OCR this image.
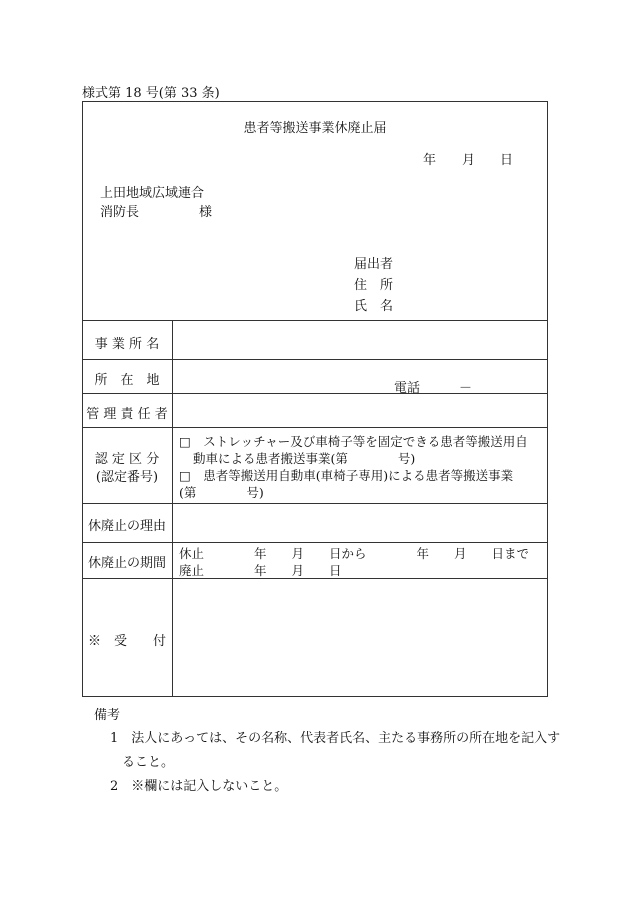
様式第 18 号(第 33 条)
患者等搬送事業休廃止届
年 月 日
上田地域広域連合
消防長	様
届出者
住　所
氏　名
事 業 所 名
所　在　地
電話　　　－
管 理 責 任 者
認 定 区 分
(認定番号)
□　ストレッチャー及び車椅子等を固定できる患者等搬送用自
動車による患者搬送事業(第　　　　号)
□　患者等搬送用自動車(車椅子専用)による患者等搬送事業
(第　　　　号)
休廃止の理由
休廃止の期間
休止　　　　年　　月　　日から　　　　年　　月　　日まで
廃止　　　　年　　月　　日
※　受　　付
備考
1　法人にあっては、その名称、代表者氏名、主たる事務所の所在地を記入す
ること。
2　※欄には記入しないこと。
